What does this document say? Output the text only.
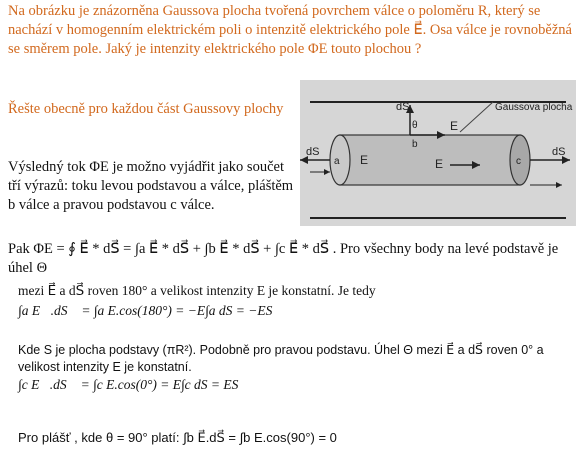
Na obrázku je znázorněna Gaussova plocha tvořená povrchem válce o poloměru R, který se nachází v homogenním elektrickém poli o intenzitě elektrického pole E⃗. Osa válce je rovnoběžná se směrem pole. Jaký je intenzity elektrického pole ΦE touto plochou ?
Řešte obecně pro každou část Gaussovy plochy
Výsledný tok ΦE je možno vyjádřit jako součet tří výrazů: toku levou podstavou a válce, pláštěm b válce a pravou podstavou c válce.
Gaussova plocha
dS
E
θ
dS	dS
E	E
b
a	c
Pak ΦE = ∮ E⃗ * dS⃗ = ∫a E⃗ * dS⃗ + ∫b E⃗ * dS⃗ + ∫c E⃗ * dS⃗ . Pro všechny body na levé podstavě je úhel Θ
mezi E⃗ a dS⃗ roven 180° a velikost intenzity E je konstatní. Je tedy
∫a E⃗.dS⃗ = ∫a E.cos(180°) = −E∫a dS = −ES
Kde S je plocha podstavy (πR²). Podobně pro pravou podstavu. Úhel Θ mezi E⃗ a dS⃗ roven 0° a velikost intenzity E je konstatní.
∫c E⃗.dS⃗ = ∫c E.cos(0°) = E∫c dS = ES
Pro plášť , kde θ = 90° platí: ∫b E⃗.dS⃗ = ∫b E.cos(90°) = 0
